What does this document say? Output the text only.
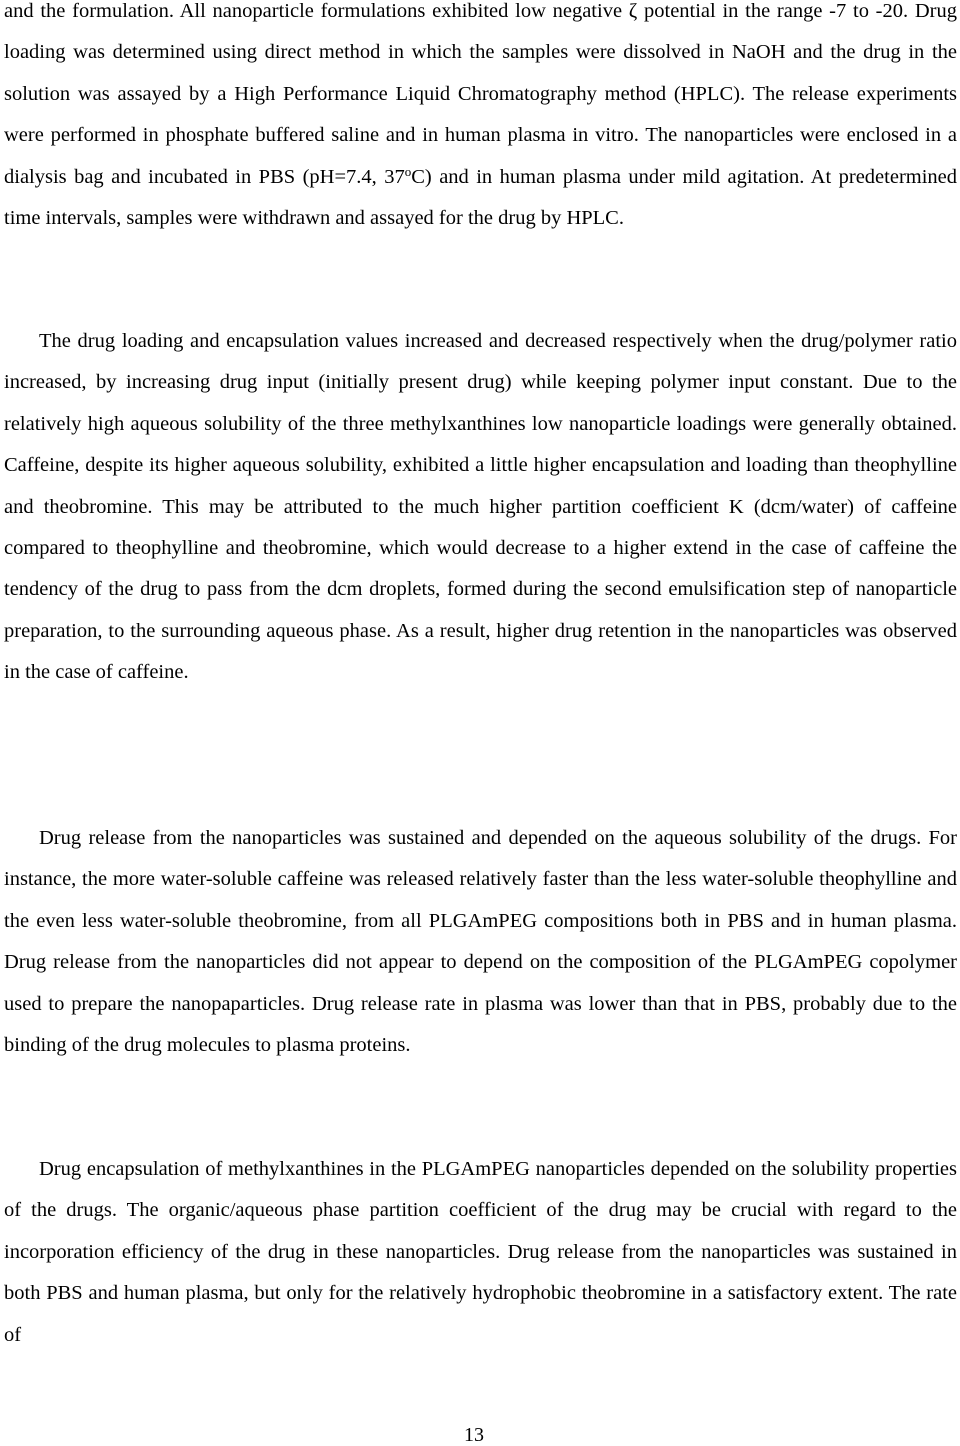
and the formulation. All nanoparticle formulations exhibited low negative ζ potential in the range -7 to -20. Drug loading was determined using direct method in which the samples were dissolved in NaOH and the drug in the solution was assayed by a High Performance Liquid Chromatography method (HPLC). The release experiments were performed in phosphate buffered saline and in human plasma in vitro. The nanoparticles were enclosed in a dialysis bag and incubated in PBS (pH=7.4, 37$^o$C) and in human plasma under mild agitation. At predetermined time intervals, samples were withdrawn and assayed for the drug by HPLC.

The drug loading and encapsulation values increased and decreased respectively when the drug/polymer ratio increased, by increasing drug input (initially present drug) while keeping polymer input constant. Due to the relatively high aqueous solubility of the three methylxanthines low nanoparticle loadings were generally obtained. Caffeine, despite its higher aqueous solubility, exhibited a little higher encapsulation and loading than theophylline and theobromine. This may be attributed to the much higher partition coefficient K (dcm/water) of caffeine compared to theophylline and theobromine, which would decrease to a higher extend in the case of caffeine the tendency of the drug to pass from the dcm droplets, formed during the second emulsification step of nanoparticle preparation, to the surrounding aqueous phase. As a result, higher drug retention in the nanoparticles was observed in the case of caffeine.

Drug release from the nanoparticles was sustained and depended on the aqueous solubility of the drugs. For instance, the more water-soluble caffeine was released relatively faster than the less water-soluble theophylline and the even less water-soluble theobromine, from all PLGAmPEG compositions both in PBS and in human plasma. Drug release from the nanoparticles did not appear to depend on the composition of the PLGAmPEG copolymer used to prepare the nanopaparticles. Drug release rate in plasma was lower than that in PBS, probably due to the binding of the drug molecules to plasma proteins.

Drug encapsulation of methylxanthines in the PLGAmPEG nanoparticles depended on the solubility properties of the drugs. The organic/aqueous phase partition coefficient of the drug may be crucial with regard to the incorporation efficiency of the drug in these nanoparticles. Drug release from the nanoparticles was sustained in both PBS and human plasma, but only for the relatively hydrophobic theobromine in a satisfactory extent. The rate of

13
